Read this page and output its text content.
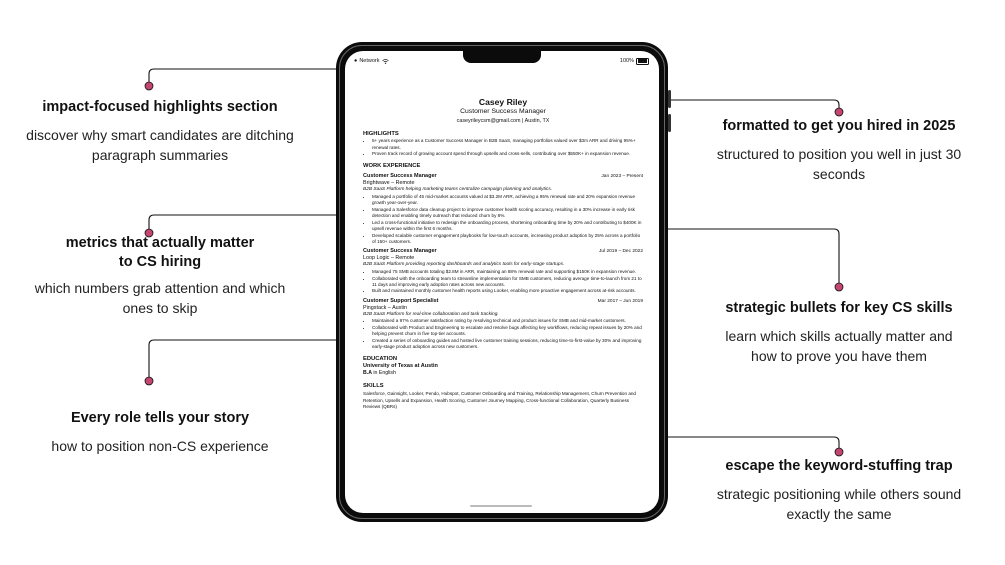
impact-focused highlights section
discover why smart candidates are ditching paragraph summaries
metrics that actually matter
to CS hiring
which numbers grab attention and which ones to skip
Every role tells your story
how to position non-CS experience
formatted to get you hired in 2025
structured to position you well in just 30 seconds
strategic bullets for key CS skills
learn which skills actually matter and how to prove you have them
escape the keyword-stuffing trap
strategic positioning while others sound exactly the same
● Network	100%
Casey Riley
Customer Success Manager
caseyrileycsm@gmail.com | Austin, TX
HIGHLIGHTS
• 5+ years experience as a Customer Success Manager in B2B SaaS, managing portfolios valued over $3m ARR and driving 95%+ renewal rates.
• Proven track record of growing account spend through upsells and cross-sells, contributing over $550K+ in expansion revenue.
WORK EXPERIENCE
Customer Success Manager	Jan 2023 – Present
Brightwave – Remote
B2B SaaS Platform helping marketing teams centralize campaign planning and analytics.
• Managed a portfolio of 45 mid-market accounts valued at $3.2M ARR, achieving a 95% renewal rate and 20% expansion revenue growth year-over-year.
• Managed a Salesforce data cleanup project to improve customer health scoring accuracy, resulting in a 30% increase in early risk detection and enabling timely outreach that reduced churn by 8%.
• Led a cross-functional initiative to redesign the onboarding process, shortening onboarding time by 20% and contributing to $400K in upsell revenue within the first 6 months.
• Developed scalable customer engagement playbooks for low-touch accounts, increasing product adoption by 25% across a portfolio of 150+ customers.
Customer Success Manager	Jul 2019 – Dec 2022
Loop Logic – Remote
B2B SaaS Platform providing reporting dashboards and analytics tools for early-stage startups.
• Managed 75 SMB accounts totaling $2.8M in ARR, maintaining an 88% renewal rate and supporting $150K in expansion revenue.
• Collaborated with the onboarding team to streamline implementation for SMB customers, reducing average time-to-launch from 21 to 11 days and improving early adoption rates across new accounts.
• Built and maintained monthly customer health reports using Looker, enabling more proactive engagement across at-risk accounts.
Customer Support Specialist	Mar 2017 – Jun 2019
Pingstack – Austin
B2B SaaS Platform for real-time collaboration and task tracking.
• Maintained a 97% customer satisfaction rating by resolving technical and product issues for SMB and mid-market customers.
• Collaborated with Product and Engineering to escalate and resolve bugs affecting key workflows, reducing repeat issues by 20% and helping prevent churn in five top-tier accounts.
• Created a series of onboarding guides and hosted live customer training sessions, reducing time-to-first-value by 30% and improving early-stage product adoption across new customers.
EDUCATION
University of Texas at Austin
B.A in English
SKILLS
Salesforce, Gainsight, Looker, Pendo, Hubspot, Customer Onboarding and Training, Relationship Management, Churn Prevention and Retention, Upsells and Expansion, Health Scoring, Customer Journey Mapping, Cross-functional Collaboration, Quarterly Business Reviews (QBRs)
